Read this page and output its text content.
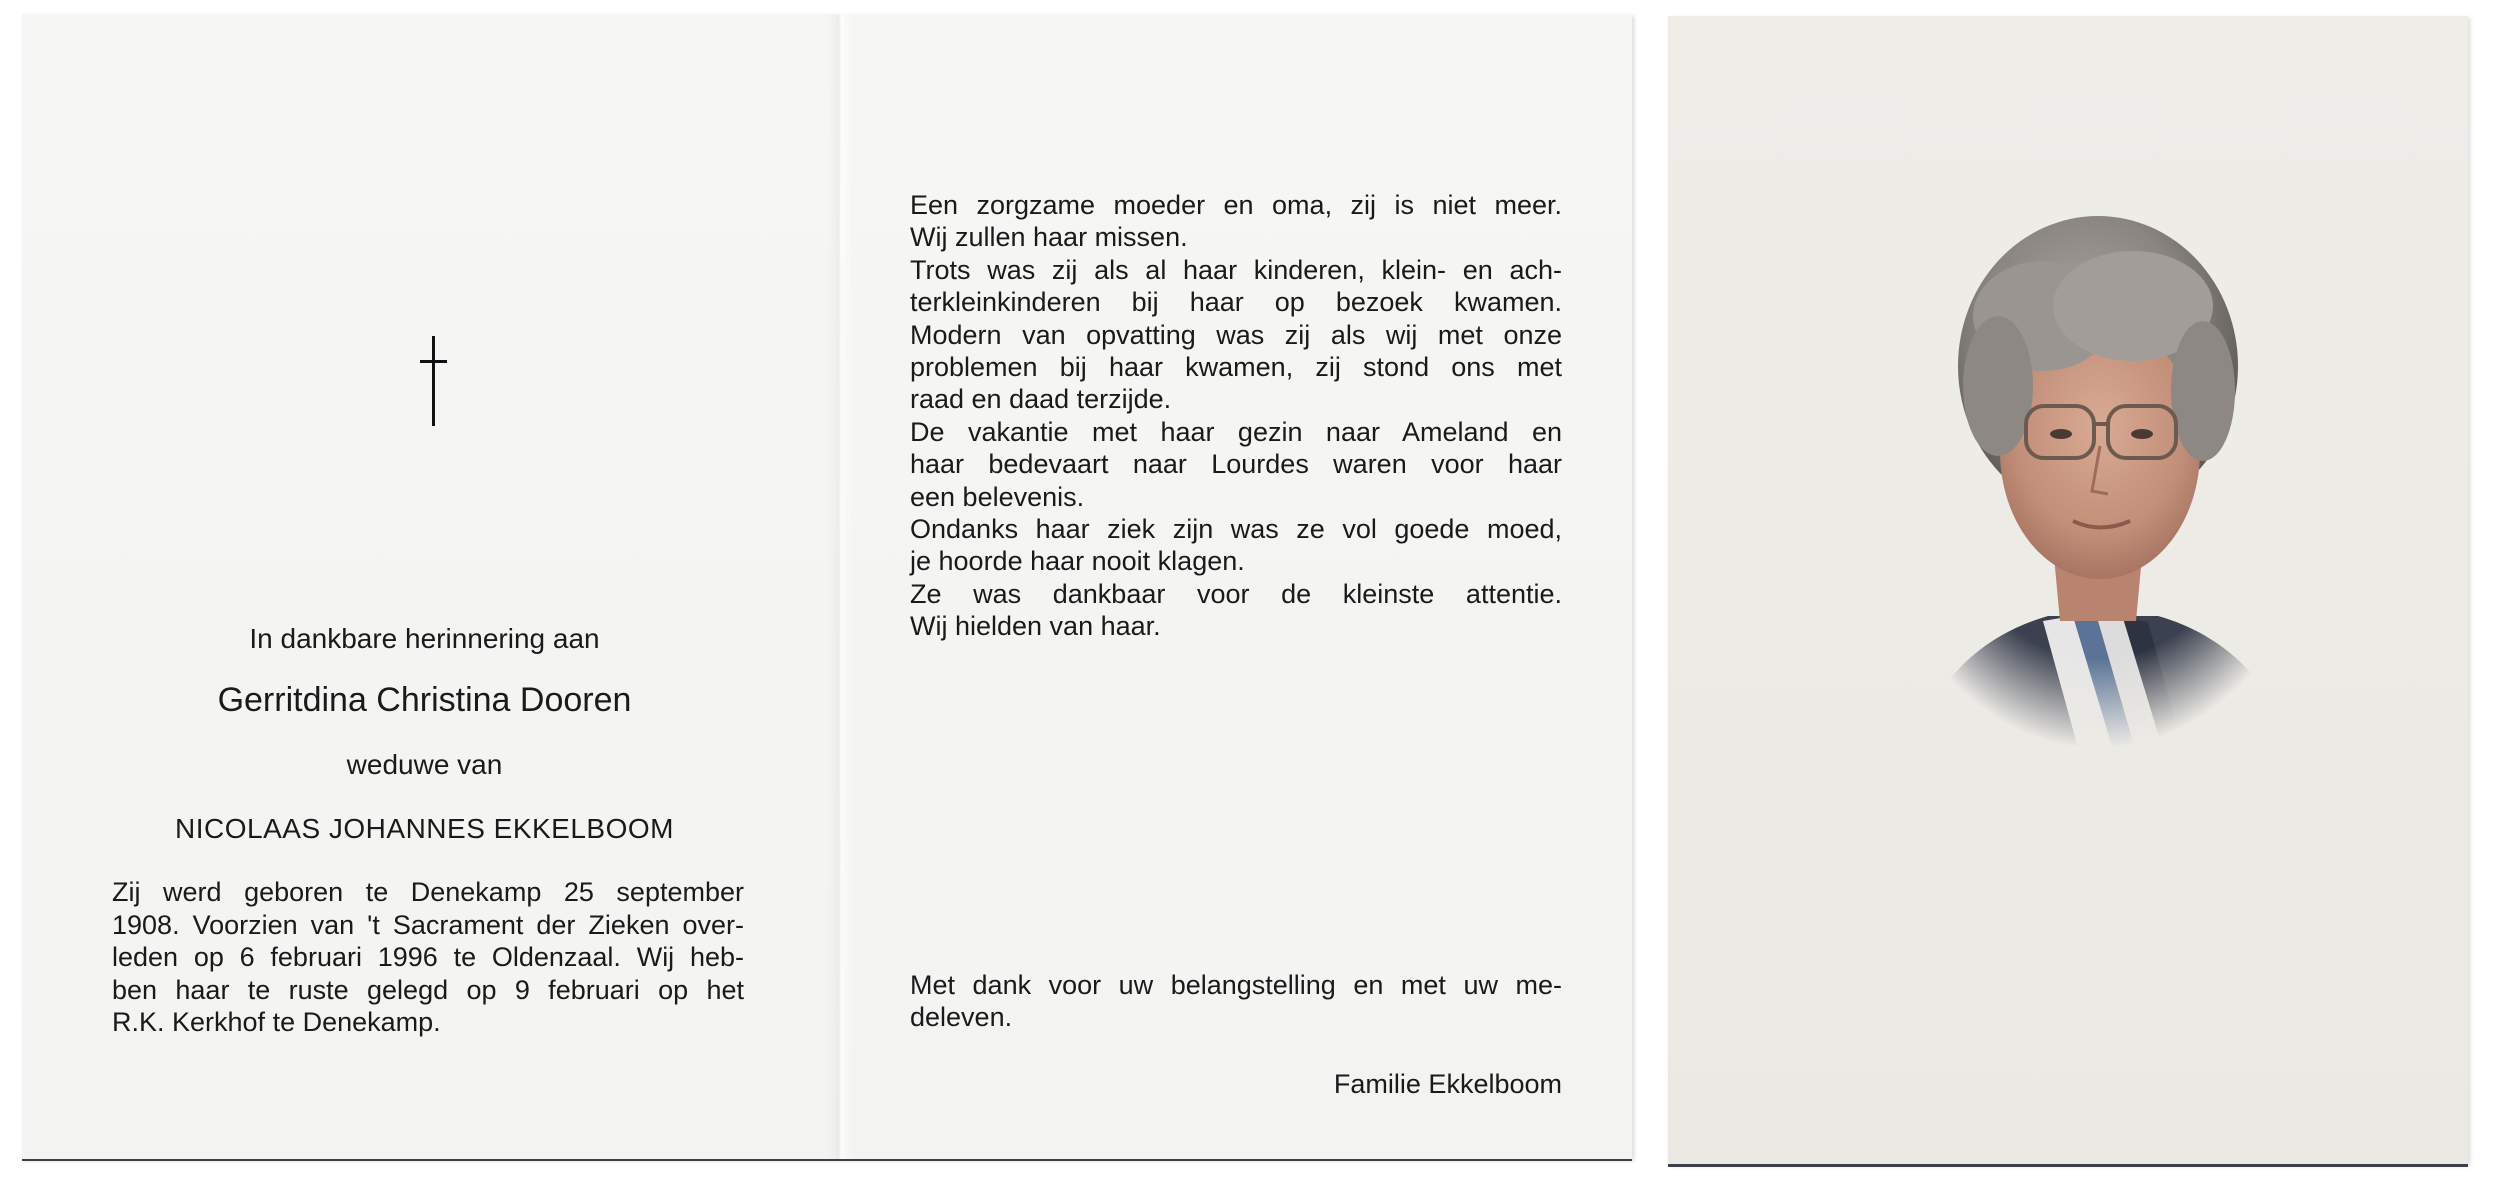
In dankbare herinnering aan
Gerritdina Christina Dooren
weduwe van
NICOLAAS JOHANNES EKKELBOOM
Zij werd geboren te Denekamp 25 september
1908. Voorzien van 't Sacrament der Zieken over-
leden op 6 februari 1996 te Oldenzaal. Wij heb-
ben haar te ruste gelegd op 9 februari op het
R.K. Kerkhof te Denekamp.
Een zorgzame moeder en oma, zij is niet meer.
Wij zullen haar missen.
Trots was zij als al haar kinderen, klein- en ach-
terkleinkinderen bij haar op bezoek kwamen.
Modern van opvatting was zij als wij met onze
problemen bij haar kwamen, zij stond ons met
raad en daad terzijde.
De vakantie met haar gezin naar Ameland en
haar bedevaart naar Lourdes waren voor haar
een belevenis.
Ondanks haar ziek zijn was ze vol goede moed,
je hoorde haar nooit klagen.
Ze was dankbaar voor de kleinste attentie.
Wij hielden van haar.
Met dank voor uw belangstelling en met uw me-
deleven.
Familie Ekkelboom
